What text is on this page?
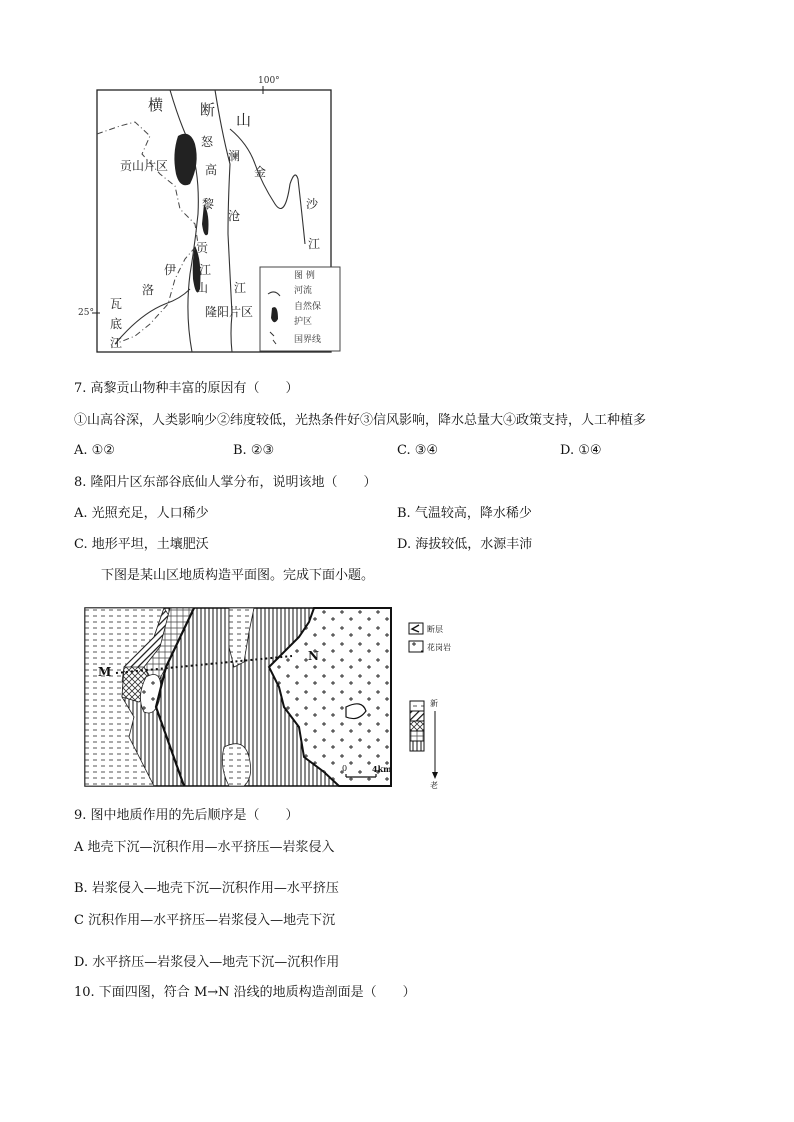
100°
25°
横 断
山
怒
澜
金
贡山片区	高
黎
沧
沙
贡	江
伊 江
山
洛	江
瓦
隆阳片区
底
江
图 例
河流
自然保
护区
国界线
7. 高黎贡山物种丰富的原因有（　　）
①山高谷深，人类影响少②纬度较低，光热条件好③信风影响，降水总量大④政策支持，人工种植多
A. ①②	B. ②③	C. ③④	D. ①④
8. 隆阳片区东部谷底仙人掌分布，说明该地（　　）
A. 光照充足，人口稀少	B. 气温较高，降水稀少
C. 地形平坦，土壤肥沃	D. 海拔较低，水源丰沛
下图是某山区地质构造平面图。完成下面小题。
M
N
0	4km
断层
花岗岩
新
老
9. 图中地质作用的先后顺序是（　　）
A 地壳下沉—沉积作用—水平挤压—岩浆侵入
B. 岩浆侵入—地壳下沉—沉积作用—水平挤压
C 沉积作用—水平挤压—岩浆侵入—地壳下沉
D. 水平挤压—岩浆侵入—地壳下沉—沉积作用
10. 下面四图，符合 M→N 沿线的地质构造剖面是（　　）
